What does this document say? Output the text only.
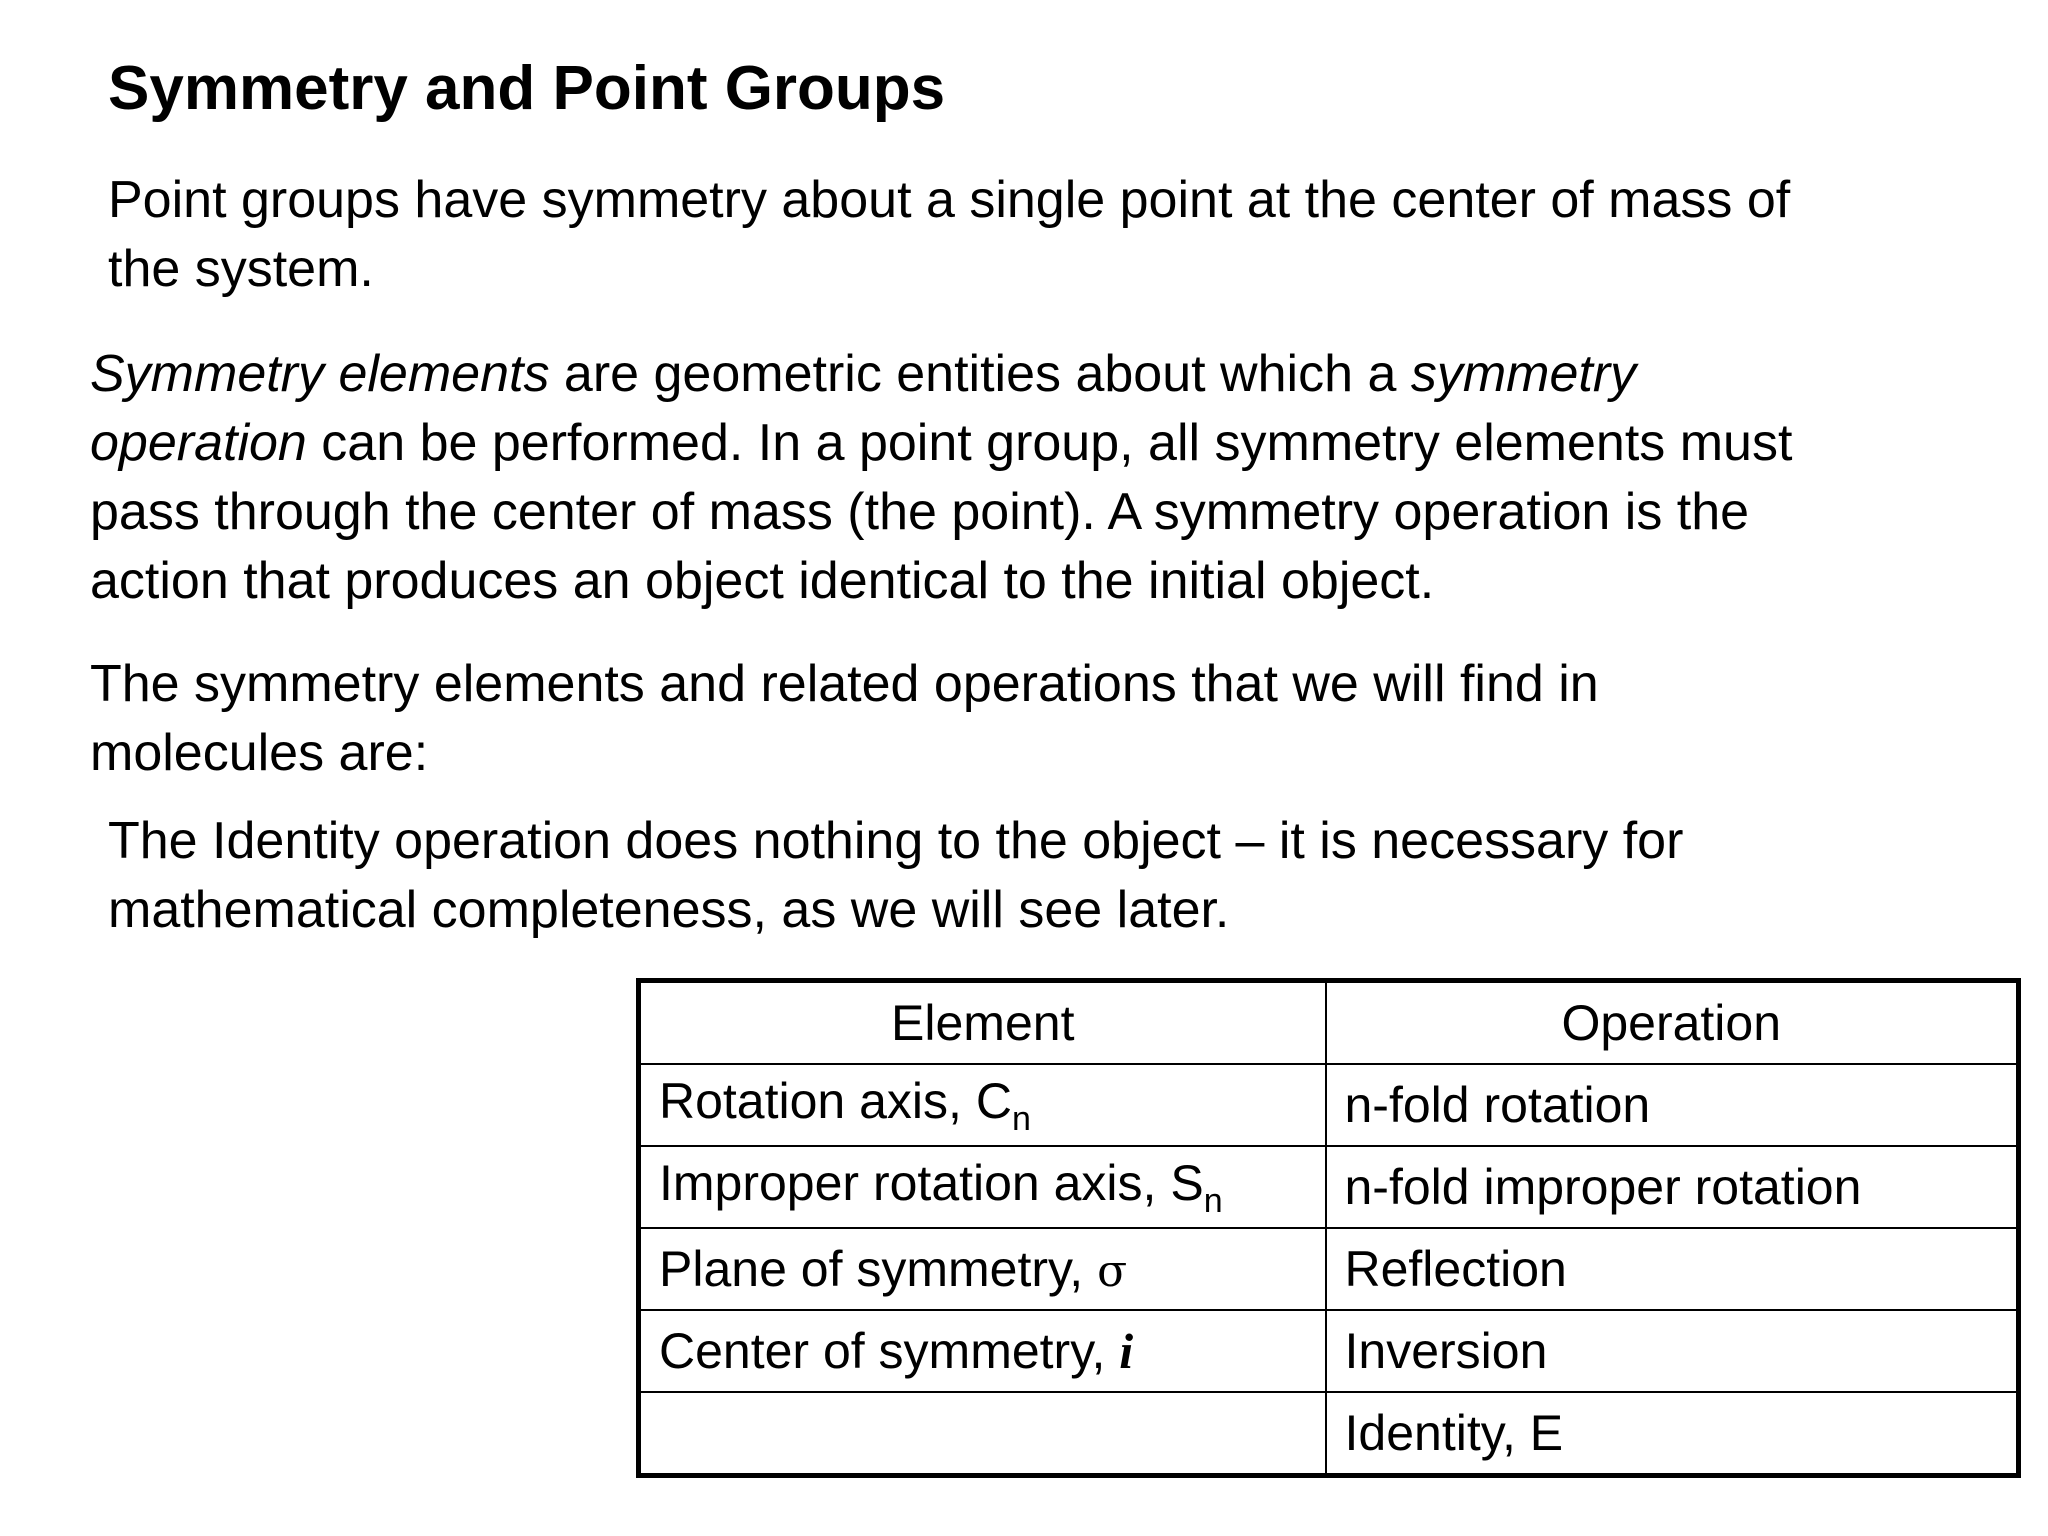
Symmetry and Point Groups

Point groups have symmetry about a single point at the center of mass of
the system.

Symmetry elements are geometric entities about which a symmetry
operation can be performed. In a point group, all symmetry elements must
pass through the center of mass (the point). A symmetry operation is the
action that produces an object identical to the initial object.

The symmetry elements and related operations that we will find in
molecules are:

The Identity operation does nothing to the object – it is necessary for
mathematical completeness, as we will see later.

Element	Operation
Rotation axis, $C_n$	n-fold rotation
Improper rotation axis, $S_n$	n-fold improper rotation
Plane of symmetry, σ	Reflection
Center of symmetry, i	Inversion
	Identity, E
